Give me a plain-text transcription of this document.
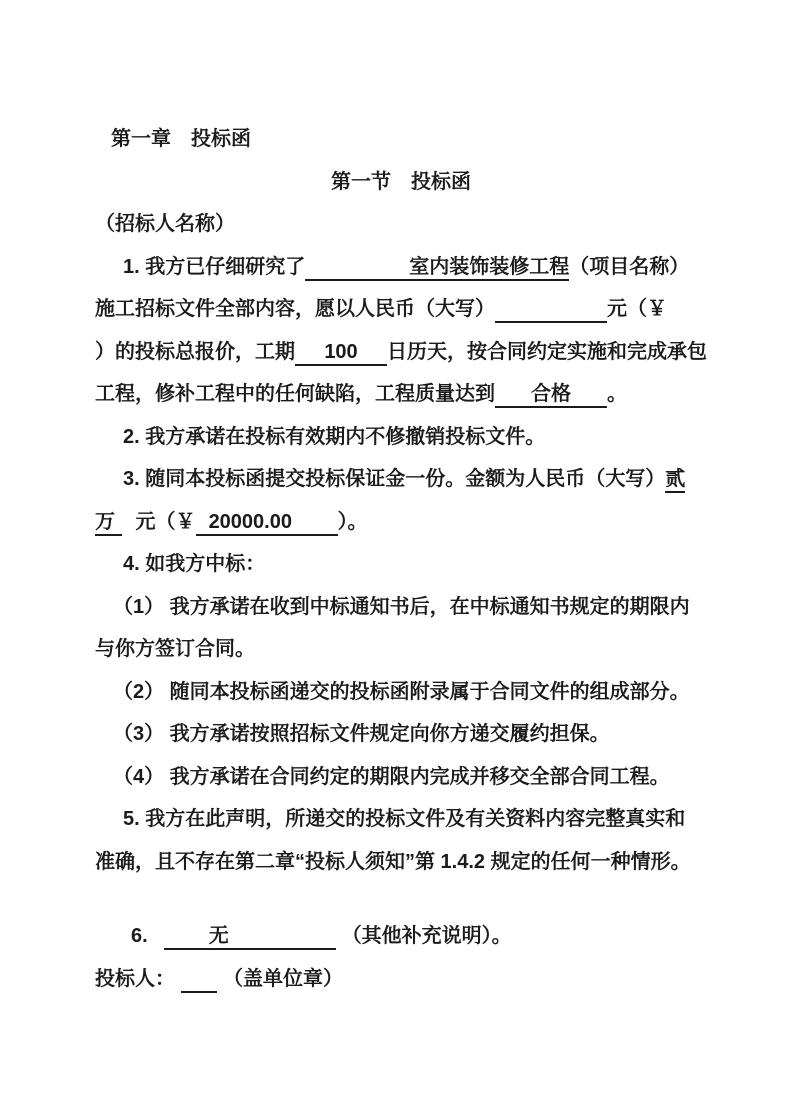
第一章　投标函
第一节　投标函
（招标人名称）
1. 我方已仔细研究了	室内装饰装修工程（项目名称）
施工招标文件全部内容，愿以人民币（大写）	元（￥
）的投标总报价，工期 100 日历天，按合同约定实施和完成承包
工程，修补工程中的任何缺陷，工程质量达到 合格 。
2. 我方承诺在投标有效期内不修撤销投标文件。
3. 随同本投标函提交投标保证金一份。金额为人民币（大写）贰
万 元（￥ 20000.00 ）。
4. 如我方中标：
（1） 我方承诺在收到中标通知书后，在中标通知书规定的期限内
与你方签订合同。
（2） 随同本投标函递交的投标函附录属于合同文件的组成部分。
（3） 我方承诺按照招标文件规定向你方递交履约担保。
（4） 我方承诺在合同约定的期限内完成并移交全部合同工程。
5. 我方在此声明，所递交的投标文件及有关资料内容完整真实和
准确，且不存在第二章“投标人须知”第 1.4.2 规定的任何一种情形。
6.	无	（其他补充说明）。
投标人： （盖单位章）
